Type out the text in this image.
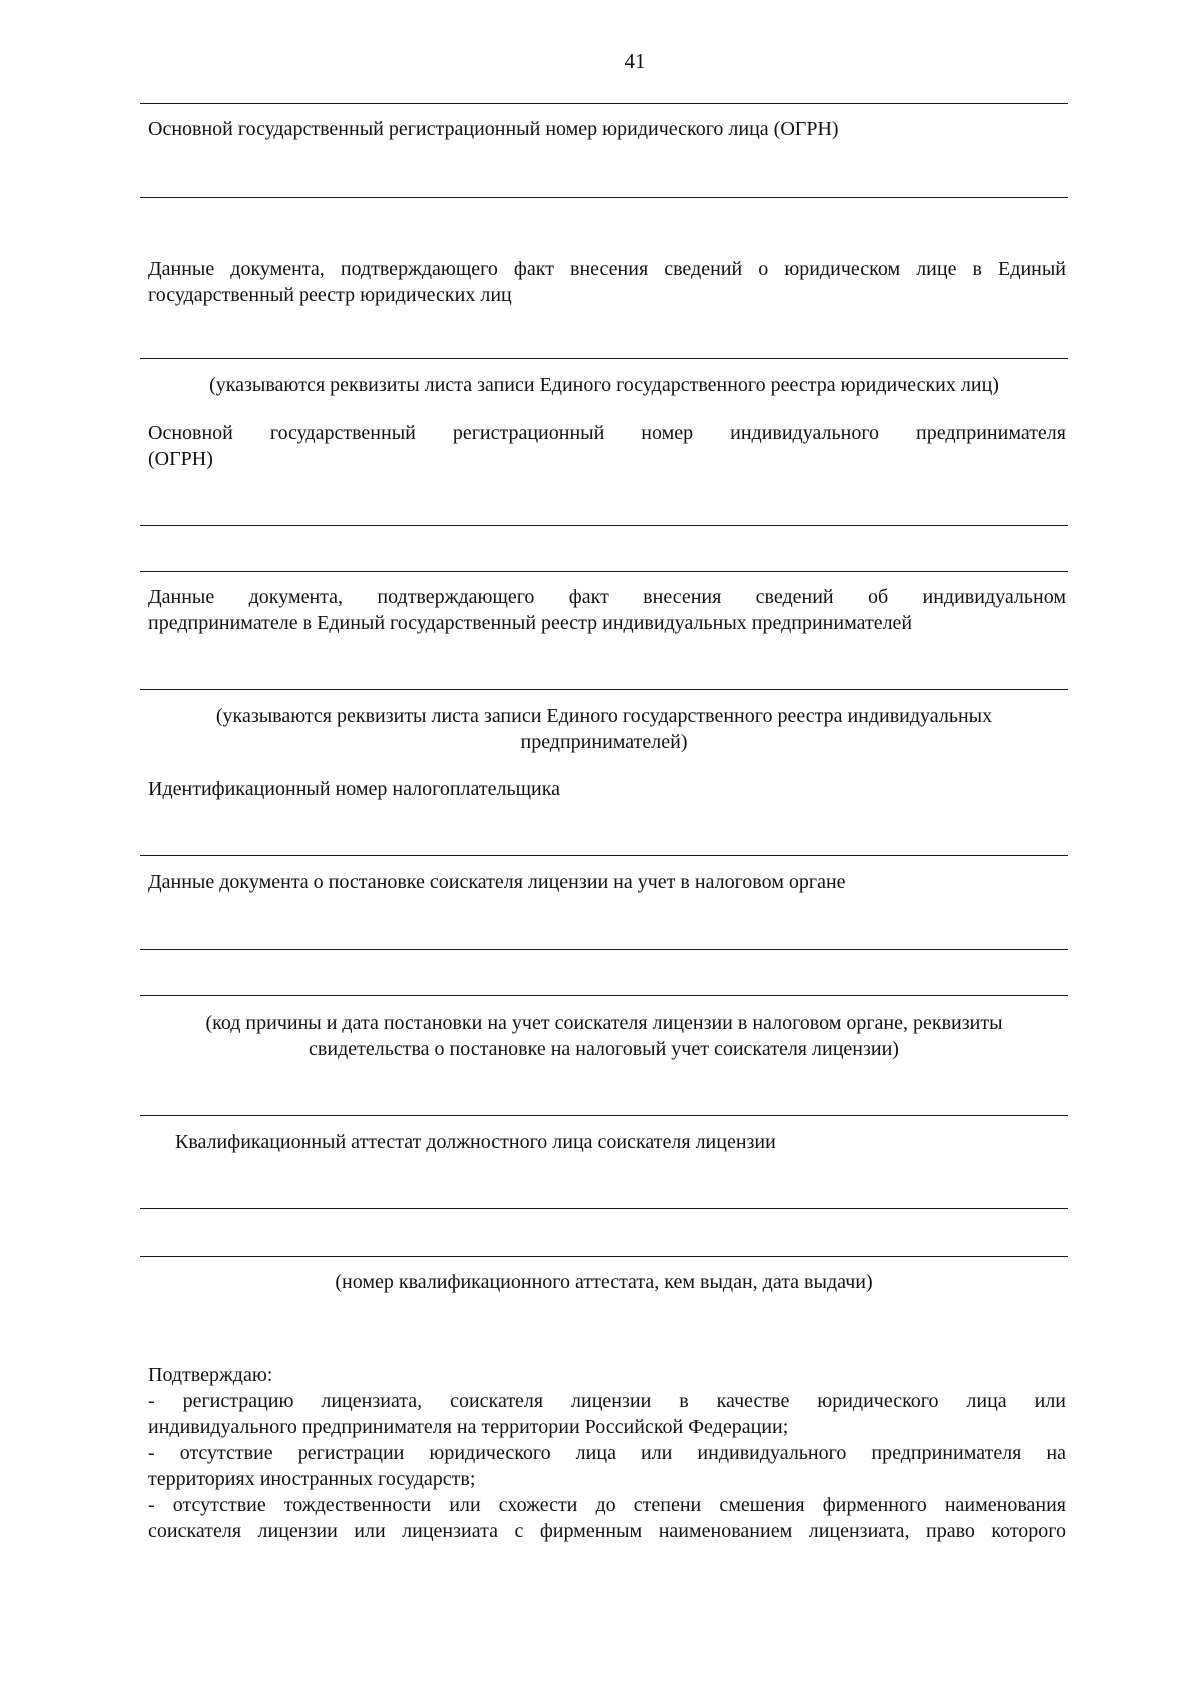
41
Основной государственный регистрационный номер юридического лица (ОГРН)
Данные документа, подтверждающего факт внесения сведений о юридическом лице в Единый
государственный реестр юридических лиц
(указываются реквизиты листа записи Единого государственного реестра юридических лиц)
Основной государственный регистрационный номер индивидуального предпринимателя
(ОГРН)
Данные документа, подтверждающего факт внесения сведений об индивидуальном
предпринимателе в Единый государственный реестр индивидуальных предпринимателей
(указываются реквизиты листа записи Единого государственного реестра индивидуальных
предпринимателей)
Идентификационный номер налогоплательщика
Данные документа о постановке соискателя лицензии на учет в налоговом органе
(код причины и дата постановки на учет соискателя лицензии в налоговом органе, реквизиты
свидетельства о постановке на налоговый учет соискателя лицензии)
Квалификационный аттестат должностного лица соискателя лицензии
(номер квалификационного аттестата, кем выдан, дата выдачи)
Подтверждаю:
- регистрацию лицензиата, соискателя лицензии в качестве юридического лица или
индивидуального предпринимателя на территории Российской Федерации;
- отсутствие регистрации юридического лица или индивидуального предпринимателя на
территориях иностранных государств;
- отсутствие тождественности или схожести до степени смешения фирменного наименования
соискателя лицензии или лицензиата с фирменным наименованием лицензиата, право которого
